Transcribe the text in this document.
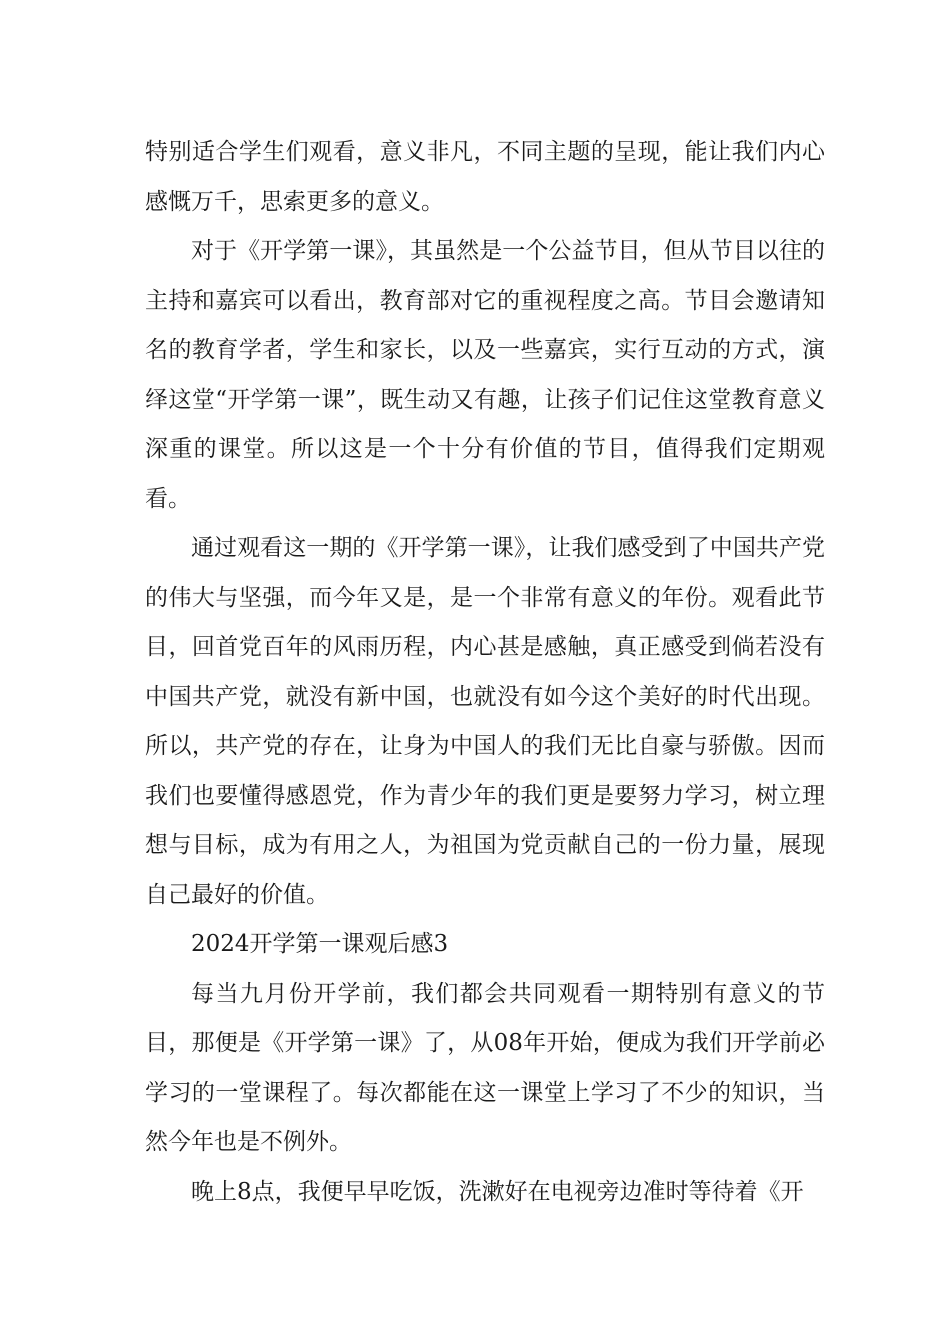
特别适合学生们观看，意义非凡，不同主题的呈现，能让我们内心感慨万千，思索更多的意义。

对于《开学第一课》，其虽然是一个公益节目，但从节目以往的主持和嘉宾可以看出，教育部对它的重视程度之高。节目会邀请知名的教育学者，学生和家长，以及一些嘉宾，实行互动的方式，演绎这堂“开学第一课”，既生动又有趣，让孩子们记住这堂教育意义深重的课堂。所以这是一个十分有价值的节目，值得我们定期观看。

通过观看这一期的《开学第一课》，让我们感受到了中国共产党的伟大与坚强，而今年又是，是一个非常有意义的年份。观看此节目，回首党百年的风雨历程，内心甚是感触，真正感受到倘若没有中国共产党，就没有新中国，也就没有如今这个美好的时代出现。所以，共产党的存在，让身为中国人的我们无比自豪与骄傲。因而我们也要懂得感恩党，作为青少年的我们更是要努力学习，树立理想与目标，成为有用之人，为祖国为党贡献自己的一份力量，展现自己最好的价值。

2024开学第一课观后感3

每当九月份开学前，我们都会共同观看一期特别有意义的节目，那便是《开学第一课》了，从08年开始，便成为我们开学前必学习的一堂课程了。每次都能在这一课堂上学习了不少的知识，当然今年也是不例外。

晚上8点，我便早早吃饭，洗漱好在电视旁边准时等待着《开
